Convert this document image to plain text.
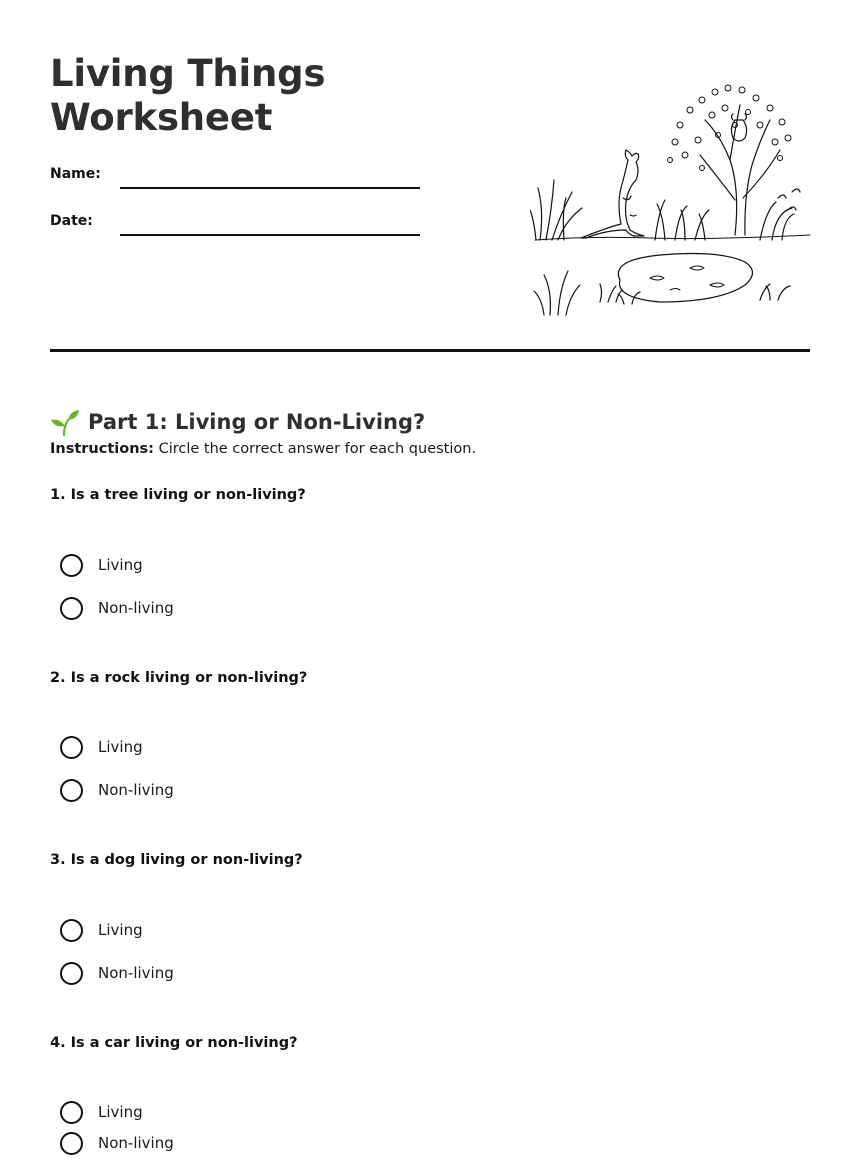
Living Things
Worksheet
Name:
Date:
Part 1: Living or Non-Living?
Instructions: Circle the correct answer for each question.
1. Is a tree living or non-living?
Living
Non-living
2. Is a rock living or non-living?
Living
Non-living
3. Is a dog living or non-living?
Living
Non-living
4. Is a car living or non-living?
Living
Non-living
